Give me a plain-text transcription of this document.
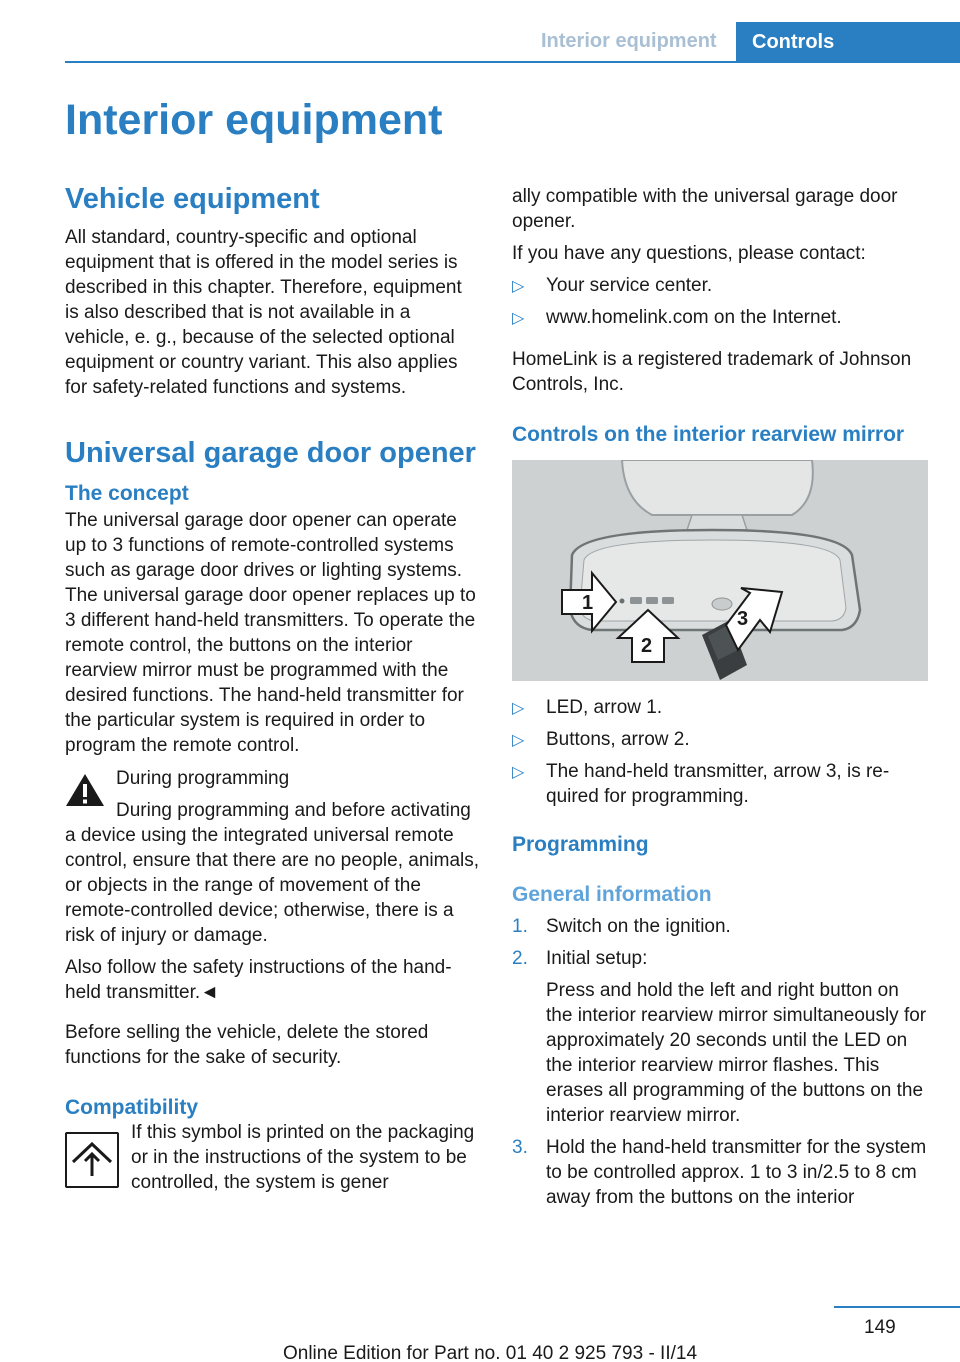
Interior equipment	Controls
Interior equipment
Vehicle equipment

All standard, country-specific and optional equipment that is offered in the model series is described in this chapter. Therefore, equipment is also described that is not available in a vehicle, e. g., because of the selected optional equipment or country variant. This also applies for safety-related functions and systems.

Universal garage door opener
The concept

The universal garage door opener can operate up to 3 functions of remote-controlled systems such as garage door drives or lighting systems. The universal garage door opener replaces up to 3 different hand-held transmitters. To operate the remote control, the buttons on the interior rearview mirror must be programmed with the desired functions. The hand-held transmitter for the particular system is required in order to program the remote control.

During programming

During programming and before activating a device using the integrated universal remote control, ensure that there are no people, animals, or objects in the range of movement of the remote-controlled device; otherwise, there is a risk of injury or damage.

Also follow the safety instructions of the hand-held transmitter.◄

Before selling the vehicle, delete the stored functions for the sake of security.

Compatibility

If this symbol is printed on the packaging or in the instructions of the system to be controlled, the system is gener

ally compatible with the universal garage door opener.

If you have any questions, please contact:

▷ Your service center.
▷ www.homelink.com on the Internet.

HomeLink is a registered trademark of Johnson Controls, Inc.

Controls on the interior rearview mirror
1
2
3
▷ LED, arrow 1.
▷ Buttons, arrow 2.
▷ The hand-held transmitter, arrow 3, is required for programming.
Programming
General information
1. Switch on the ignition.
2. Initial setup:

Press and hold the left and right button on the interior rearview mirror simultaneously for approximately 20 seconds until the LED on the interior rearview mirror flashes. This erases all programming of the buttons on the interior rearview mirror.

3. Hold the hand-held transmitter for the system to be controlled approx. 1 to 3 in/2.5 to 8 cm away from the buttons on the interior
149
Online Edition for Part no. 01 40 2 925 793 - II/14
